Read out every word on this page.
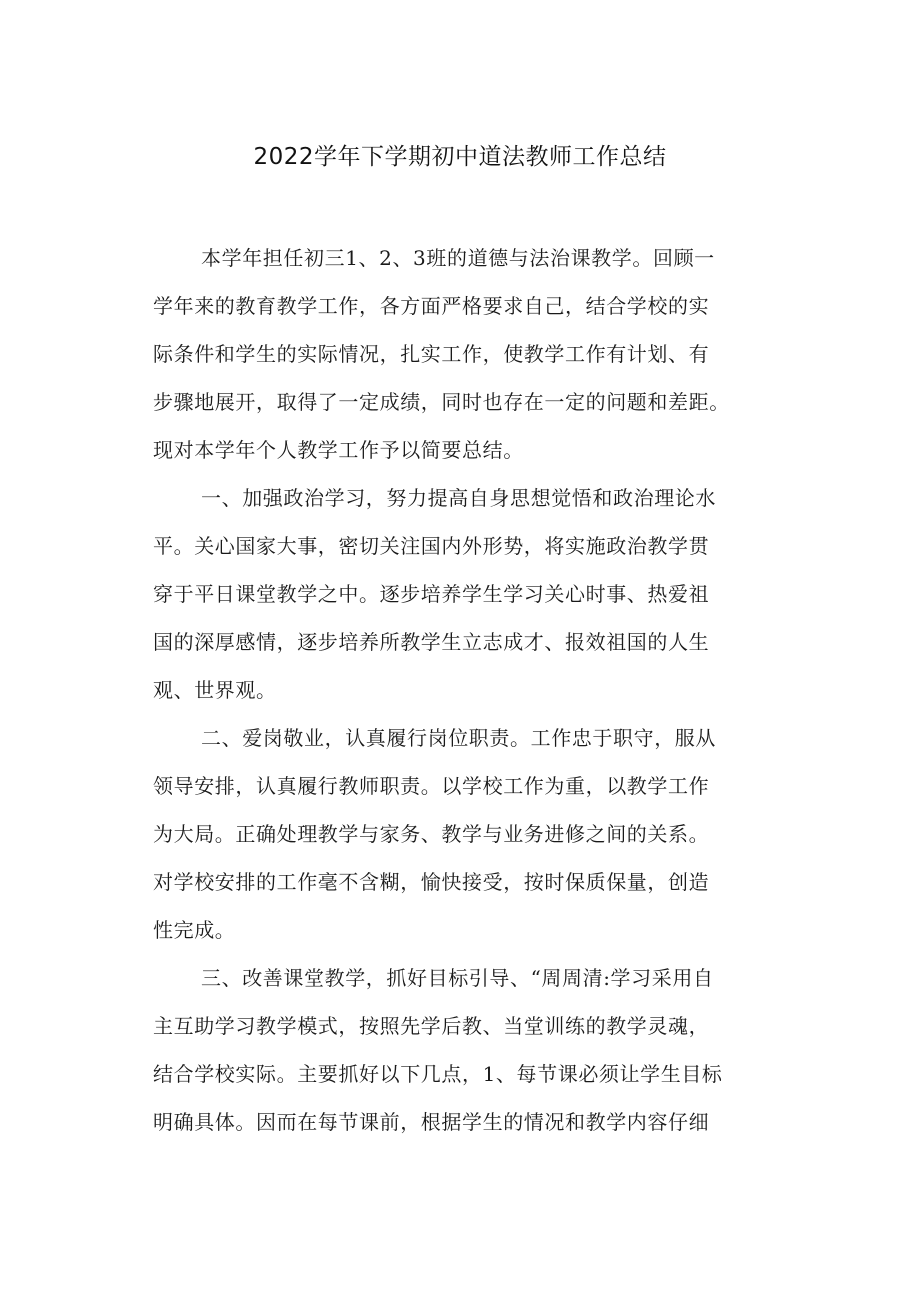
2022学年下学期初中道法教师工作总结
本学年担任初三1、2、3班的道德与法治课教学。回顾一
学年来的教育教学工作，各方面严格要求自己，结合学校的实
际条件和学生的实际情况，扎实工作，使教学工作有计划、有
步骤地展开，取得了一定成绩，同时也存在一定的问题和差距。
现对本学年个人教学工作予以简要总结。
一、加强政治学习，努力提高自身思想觉悟和政治理论水
平。关心国家大事，密切关注国内外形势，将实施政治教学贯
穿于平日课堂教学之中。逐步培养学生学习关心时事、热爱祖
国的深厚感情，逐步培养所教学生立志成才、报效祖国的人生
观、世界观。
二、爱岗敬业，认真履行岗位职责。工作忠于职守，服从
领导安排，认真履行教师职责。以学校工作为重，以教学工作
为大局。正确处理教学与家务、教学与业务进修之间的关系。
对学校安排的工作毫不含糊，愉快接受，按时保质保量，创造
性完成。
三、改善课堂教学，抓好目标引导、“周周清:学习采用自
主互助学习教学模式，按照先学后教、当堂训练的教学灵魂，
结合学校实际。主要抓好以下几点，1、每节课必须让学生目标
明确具体。因而在每节课前，根据学生的情况和教学内容仔细
